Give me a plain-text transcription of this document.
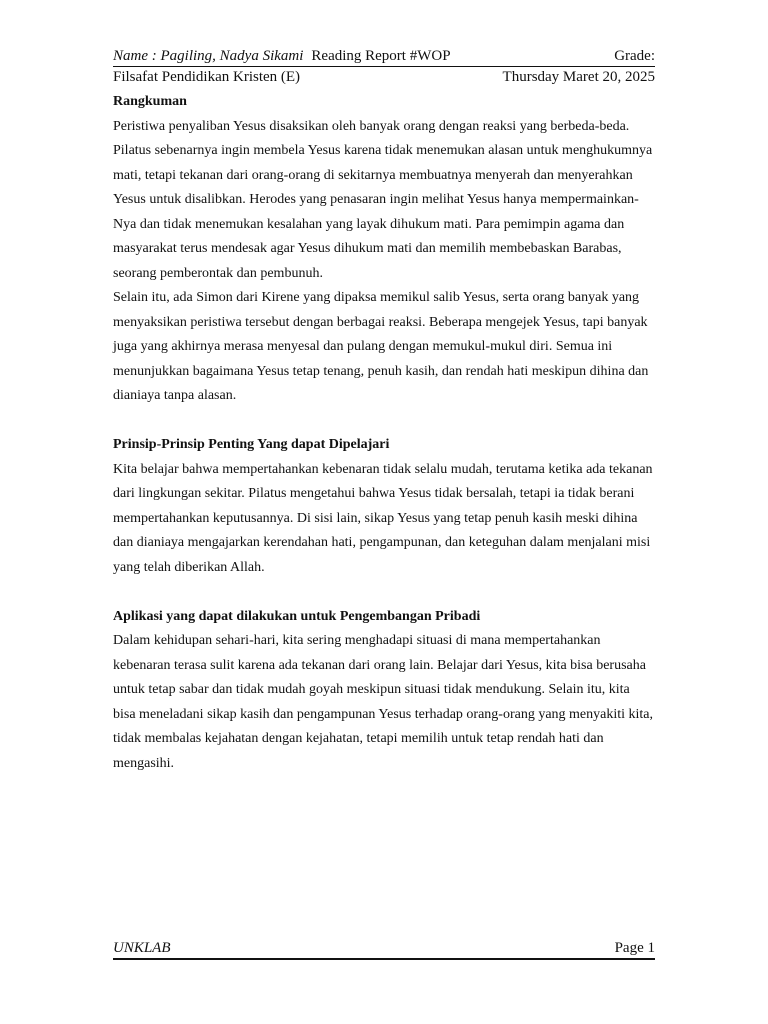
Name : Pagiling, Nadya Sikami Reading Report #WOP	Grade:
Filsafat Pendidikan Kristen (E)	Thursday Maret 20, 2025
Rangkuman

Peristiwa penyaliban Yesus disaksikan oleh banyak orang dengan reaksi yang berbeda-beda. Pilatus sebenarnya ingin membela Yesus karena tidak menemukan alasan untuk menghukumnya mati, tetapi tekanan dari orang-orang di sekitarnya membuatnya menyerah dan menyerahkan Yesus untuk disalibkan. Herodes yang penasaran ingin melihat Yesus hanya mempermainkan-Nya dan tidak menemukan kesalahan yang layak dihukum mati. Para pemimpin agama dan masyarakat terus mendesak agar Yesus dihukum mati dan memilih membebaskan Barabas, seorang pemberontak dan pembunuh.

Selain itu, ada Simon dari Kirene yang dipaksa memikul salib Yesus, serta orang banyak yang menyaksikan peristiwa tersebut dengan berbagai reaksi. Beberapa mengejek Yesus, tapi banyak juga yang akhirnya merasa menyesal dan pulang dengan memukul-mukul diri. Semua ini menunjukkan bagaimana Yesus tetap tenang, penuh kasih, dan rendah hati meskipun dihina dan dianiaya tanpa alasan.

Prinsip-Prinsip Penting Yang dapat Dipelajari

Kita belajar bahwa mempertahankan kebenaran tidak selalu mudah, terutama ketika ada tekanan dari lingkungan sekitar. Pilatus mengetahui bahwa Yesus tidak bersalah, tetapi ia tidak berani mempertahankan keputusannya. Di sisi lain, sikap Yesus yang tetap penuh kasih meski dihina dan dianiaya mengajarkan kerendahan hati, pengampunan, dan keteguhan dalam menjalani misi yang telah diberikan Allah.

Aplikasi yang dapat dilakukan untuk Pengembangan Pribadi

Dalam kehidupan sehari-hari, kita sering menghadapi situasi di mana mempertahankan kebenaran terasa sulit karena ada tekanan dari orang lain. Belajar dari Yesus, kita bisa berusaha untuk tetap sabar dan tidak mudah goyah meskipun situasi tidak mendukung. Selain itu, kita bisa meneladani sikap kasih dan pengampunan Yesus terhadap orang-orang yang menyakiti kita, tidak membalas kejahatan dengan kejahatan, tetapi memilih untuk tetap rendah hati dan mengasihi.

UNKLAB	Page 1
